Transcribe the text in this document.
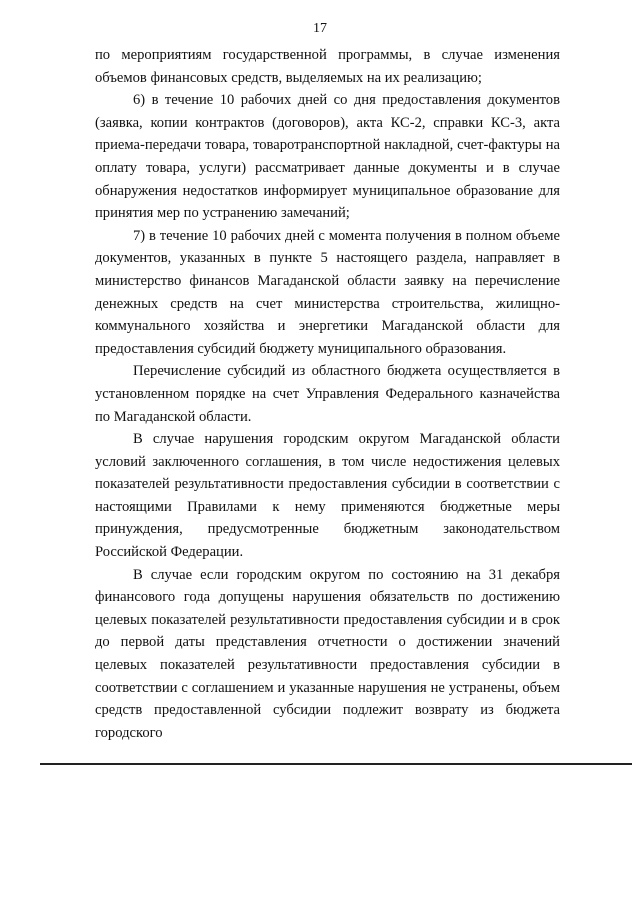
17

по мероприятиям государственной программы, в случае изменения объемов финансовых средств, выделяемых на их реализацию;

6) в течение 10 рабочих дней со дня предоставления документов (заявка, копии контрактов (договоров), акта КС-2, справки КС-3, акта приема-передачи товара, товаротранспортной накладной, счет-фактуры на оплату товара, услуги) рассматривает данные документы и в случае обнаружения недостатков информирует муниципальное образование для принятия мер по устранению замечаний;

7) в течение 10 рабочих дней с момента получения в полном объеме документов, указанных в пункте 5 настоящего раздела, направляет в министерство финансов Магаданской области заявку на перечисление денежных средств на счет министерства строительства, жилищно-коммунального хозяйства и энергетики Магаданской области для предоставления субсидий бюджету муниципального образования.

Перечисление субсидий из областного бюджета осуществляется в установленном порядке на счет Управления Федерального казначейства по Магаданской области.

В случае нарушения городским округом Магаданской области условий заключенного соглашения, в том числе недостижения целевых показателей результативности предоставления субсидии в соответствии с настоящими Правилами к нему применяются бюджетные меры принуждения, предусмотренные бюджетным законодательством Российской Федерации.

В случае если городским округом по состоянию на 31 декабря финансового года допущены нарушения обязательств по достижению целевых показателей результативности предоставления субсидии и в срок до первой даты представления отчетности о достижении значений целевых показателей результативности предоставления субсидии в соответствии с соглашением и указанные нарушения не устранены, объем средств предоставленной субсидии подлежит возврату из бюджета городского
